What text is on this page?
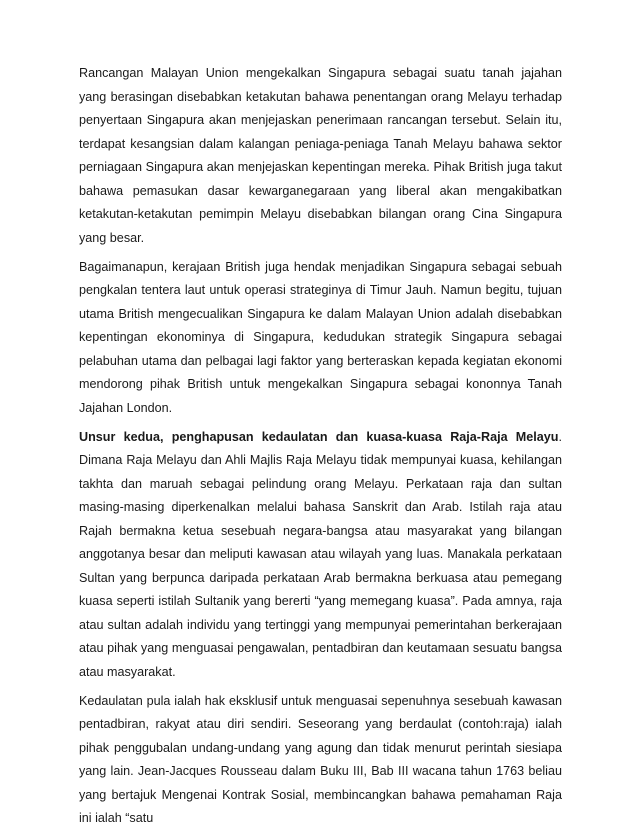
Rancangan Malayan Union mengekalkan Singapura sebagai suatu tanah jajahan yang berasingan disebabkan ketakutan bahawa penentangan orang Melayu terhadap penyertaan Singapura akan menjejaskan penerimaan rancangan tersebut. Selain itu, terdapat kesangsian dalam kalangan peniaga-peniaga Tanah Melayu bahawa sektor perniagaan Singapura akan menjejaskan kepentingan mereka. Pihak British juga takut bahawa pemasukan dasar kewarganegaraan yang liberal akan mengakibatkan ketakutan-ketakutan pemimpin Melayu disebabkan bilangan orang Cina Singapura yang besar.

Bagaimanapun, kerajaan British juga hendak menjadikan Singapura sebagai sebuah pengkalan tentera laut untuk operasi strateginya di Timur Jauh. Namun begitu, tujuan utama British mengecualikan Singapura ke dalam Malayan Union adalah disebabkan kepentingan ekonominya di Singapura, kedudukan strategik Singapura sebagai pelabuhan utama dan pelbagai lagi faktor yang berteraskan kepada kegiatan ekonomi mendorong pihak British untuk mengekalkan Singapura sebagai kononnya Tanah Jajahan London.

Unsur kedua, penghapusan kedaulatan dan kuasa-kuasa Raja-Raja Melayu. Dimana Raja Melayu dan Ahli Majlis Raja Melayu tidak mempunyai kuasa, kehilangan takhta dan maruah sebagai pelindung orang Melayu. Perkataan raja dan sultan masing-masing diperkenalkan melalui bahasa Sanskrit dan Arab. Istilah raja atau Rajah bermakna ketua sesebuah negara-bangsa atau masyarakat yang bilangan anggotanya besar dan meliputi kawasan atau wilayah yang luas. Manakala perkataan Sultan yang berpunca daripada perkataan Arab bermakna berkuasa atau pemegang kuasa seperti istilah Sultanik yang bererti “yang memegang kuasa”. Pada amnya, raja atau sultan adalah individu yang tertinggi yang mempunyai pemerintahan berkerajaan atau pihak yang menguasai pengawalan, pentadbiran dan keutamaan sesuatu bangsa atau masyarakat.

Kedaulatan pula ialah hak eksklusif untuk menguasai sepenuhnya sesebuah kawasan pentadbiran, rakyat atau diri sendiri. Seseorang yang berdaulat (contoh:raja) ialah pihak penggubalan undang-undang yang agung dan tidak menurut perintah siesiapa yang lain. Jean-Jacques Rousseau dalam Buku III, Bab III wacana tahun 1763 beliau yang bertajuk Mengenai Kontrak Sosial, membincangkan bahawa pemahaman Raja ini ialah “satu
